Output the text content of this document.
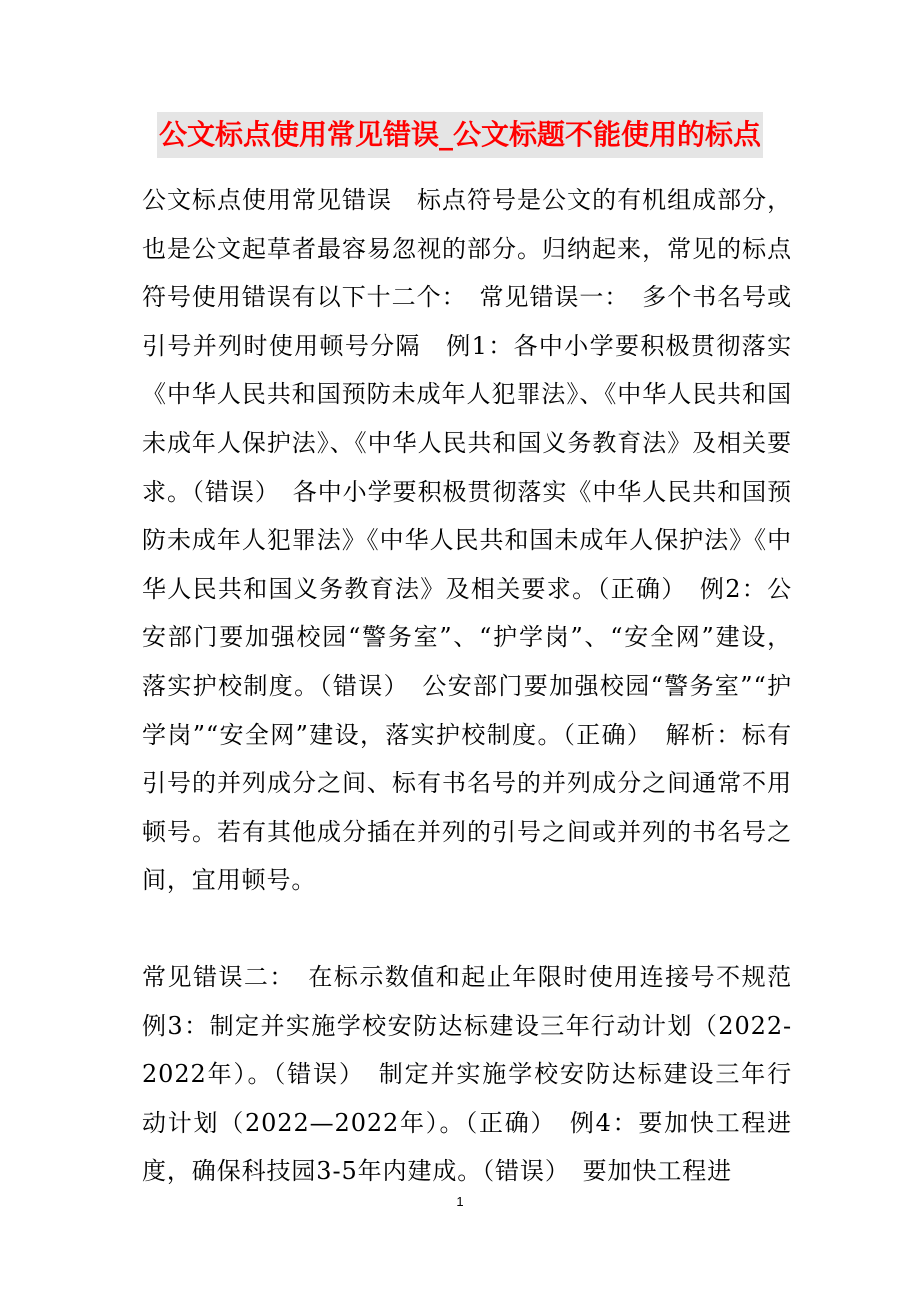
公文标点使用常见错误_公文标题不能使用的标点

公文标点使用常见错误　标点符号是公文的有机组成部分，也是公文起草者最容易忽视的部分。归纳起来，常见的标点符号使用错误有以下十二个：　常见错误一：　多个书名号或引号并列时使用顿号分隔　例1：各中小学要积极贯彻落实《中华人民共和国预防未成年人犯罪法》、《中华人民共和国未成年人保护法》、《中华人民共和国义务教育法》及相关要求。（错误）　各中小学要积极贯彻落实《中华人民共和国预防未成年人犯罪法》《中华人民共和国未成年人保护法》《中华人民共和国义务教育法》及相关要求。（正确）　例2：公安部门要加强校园“警务室”、“护学岗”、“安全网”建设，落实护校制度。（错误）　公安部门要加强校园“警务室”“护学岗”“安全网”建设，落实护校制度。（正确）　解析：标有引号的并列成分之间、标有书名号的并列成分之间通常不用顿号。若有其他成分插在并列的引号之间或并列的书名号之间，宜用顿号。

常见错误二：　在标示数值和起止年限时使用连接号不规范　例3：制定并实施学校安防达标建设三年行动计划（2022-2022年）。（错误）　制定并实施学校安防达标建设三年行动计划（2022—2022年）。（正确）　例4：要加快工程进度，确保科技园3-5年内建成。（错误）　要加快工程进

1
